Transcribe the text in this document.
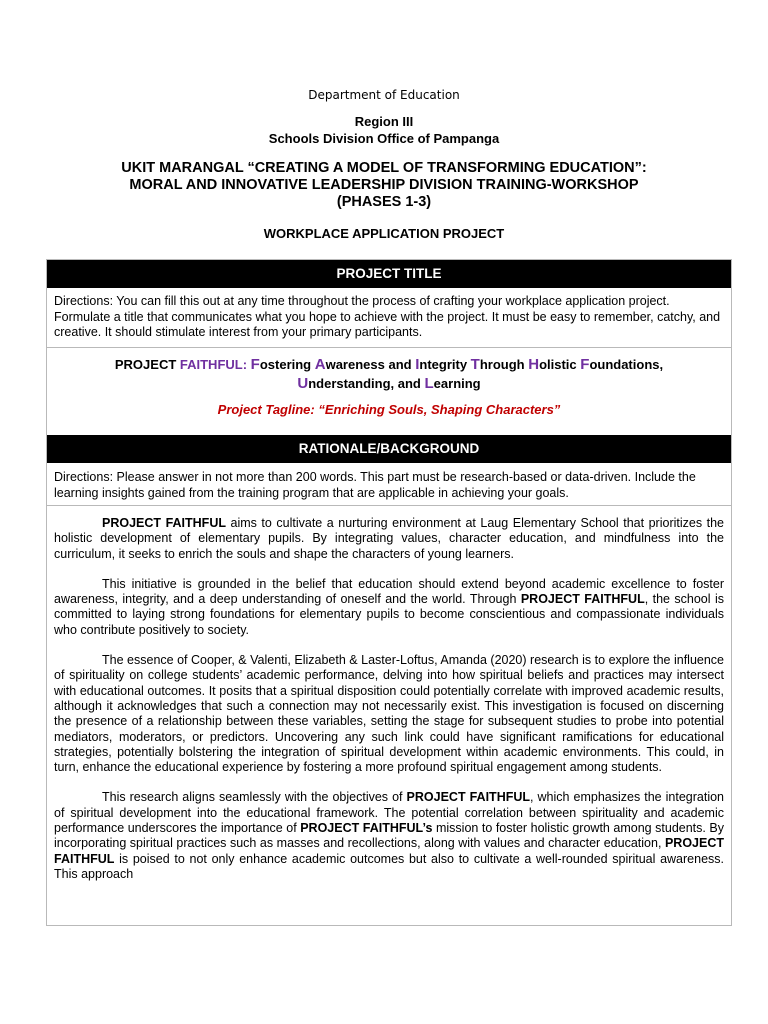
Department of Education
Region III
Schools Division Office of Pampanga
UKIT MARANGAL “CREATING A MODEL OF TRANSFORMING EDUCATION”:
MORAL AND INNOVATIVE LEADERSHIP DIVISION TRAINING-WORKSHOP
(PHASES 1-3)
WORKPLACE APPLICATION PROJECT
PROJECT TITLE
Directions: You can fill this out at any time throughout the process of crafting your workplace application project. Formulate a title that communicates what you hope to achieve with the project. It must be easy to remember, catchy, and creative. It should stimulate interest from your primary participants.
PROJECT FAITHFUL: Fostering Awareness and Integrity Through Holistic Foundations,
Understanding, and Learning
Project Tagline: “Enriching Souls, Shaping Characters”
RATIONALE/BACKGROUND
Directions: Please answer in not more than 200 words. This part must be research-based or data-driven. Include the learning insights gained from the training program that are applicable in achieving your goals.

PROJECT FAITHFUL aims to cultivate a nurturing environment at Laug Elementary School that prioritizes the holistic development of elementary pupils. By integrating values, character education, and mindfulness into the curriculum, it seeks to enrich the souls and shape the characters of young learners.

This initiative is grounded in the belief that education should extend beyond academic excellence to foster awareness, integrity, and a deep understanding of oneself and the world. Through PROJECT FAITHFUL, the school is committed to laying strong foundations for elementary pupils to become conscientious and compassionate individuals who contribute positively to society.

The essence of Cooper, & Valenti, Elizabeth & Laster-Loftus, Amanda (2020) research is to explore the influence of spirituality on college students’ academic performance, delving into how spiritual beliefs and practices may intersect with educational outcomes. It posits that a spiritual disposition could potentially correlate with improved academic results, although it acknowledges that such a connection may not necessarily exist. This investigation is focused on discerning the presence of a relationship between these variables, setting the stage for subsequent studies to probe into potential mediators, moderators, or predictors. Uncovering any such link could have significant ramifications for educational strategies, potentially bolstering the integration of spiritual development within academic environments. This could, in turn, enhance the educational experience by fostering a more profound spiritual engagement among students.

This research aligns seamlessly with the objectives of PROJECT FAITHFUL, which emphasizes the integration of spiritual development into the educational framework. The potential correlation between spirituality and academic performance underscores the importance of PROJECT FAITHFUL’s mission to foster holistic growth among students. By incorporating spiritual practices such as masses and recollections, along with values and character education, PROJECT FAITHFUL is poised to not only enhance academic outcomes but also to cultivate a well-rounded spiritual awareness. This approach
